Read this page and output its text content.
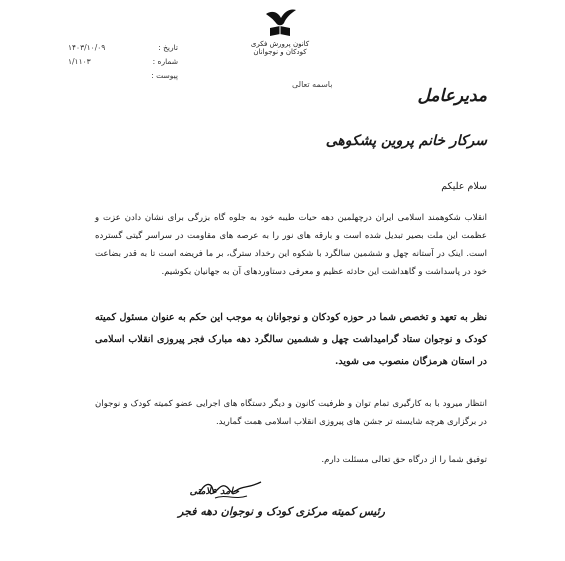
کانون پرورش فکری
کودکان و نوجوانان
تاریخ :
۱۴۰۳/۱۰/۰۹
شماره :
۱/۱۱۰۳
پیوست :
باسمه تعالی
مدیرعامل
سرکار خانم پروین پشکوهی
سلام علیکم

انقلاب شکوهمند اسلامی ایران درچهلمین دهه حیات طیبه خود به جلوه گاه بزرگی برای نشان دادن عزت و عظمت این ملت بصیر تبدیل شده است و بارقه های نور را به عرصه های مقاومت در سراسر گیتی گسترده است. اینک در آستانه چهل و ششمین سالگرد با شکوه این رخداد سترگ، بر ما فریضه است تا به قدر بضاعت خود در پاسداشت و گاهداشت این حادثه عظیم و معرفی دستاوردهای آن به جهانیان بکوشیم.

نظر به تعهد و تخصص شما در حوزه کودکان و نوجوانان به موجب این حکم به عنوان مسئول کمیته کودک و نوجوان ستاد گرامیداشت چهل و ششمین سالگرد دهه مبارک فجر پیروزی انقلاب اسلامی در استان هرمزگان منصوب می شوید.

انتظار میرود با به کارگیری تمام توان و ظرفیت کانون و دیگر دستگاه های اجرایی عضو کمیته کودک و نوجوان در برگزاری هرچه شایسته تر جشن های پیروزی انقلاب اسلامی همت گمارید.

توفیق شما را از درگاه حق تعالی مسئلت دارم.

حامد علامتی
رئیس کمیته مرکزی کودک و نوجوان دهه فجر
